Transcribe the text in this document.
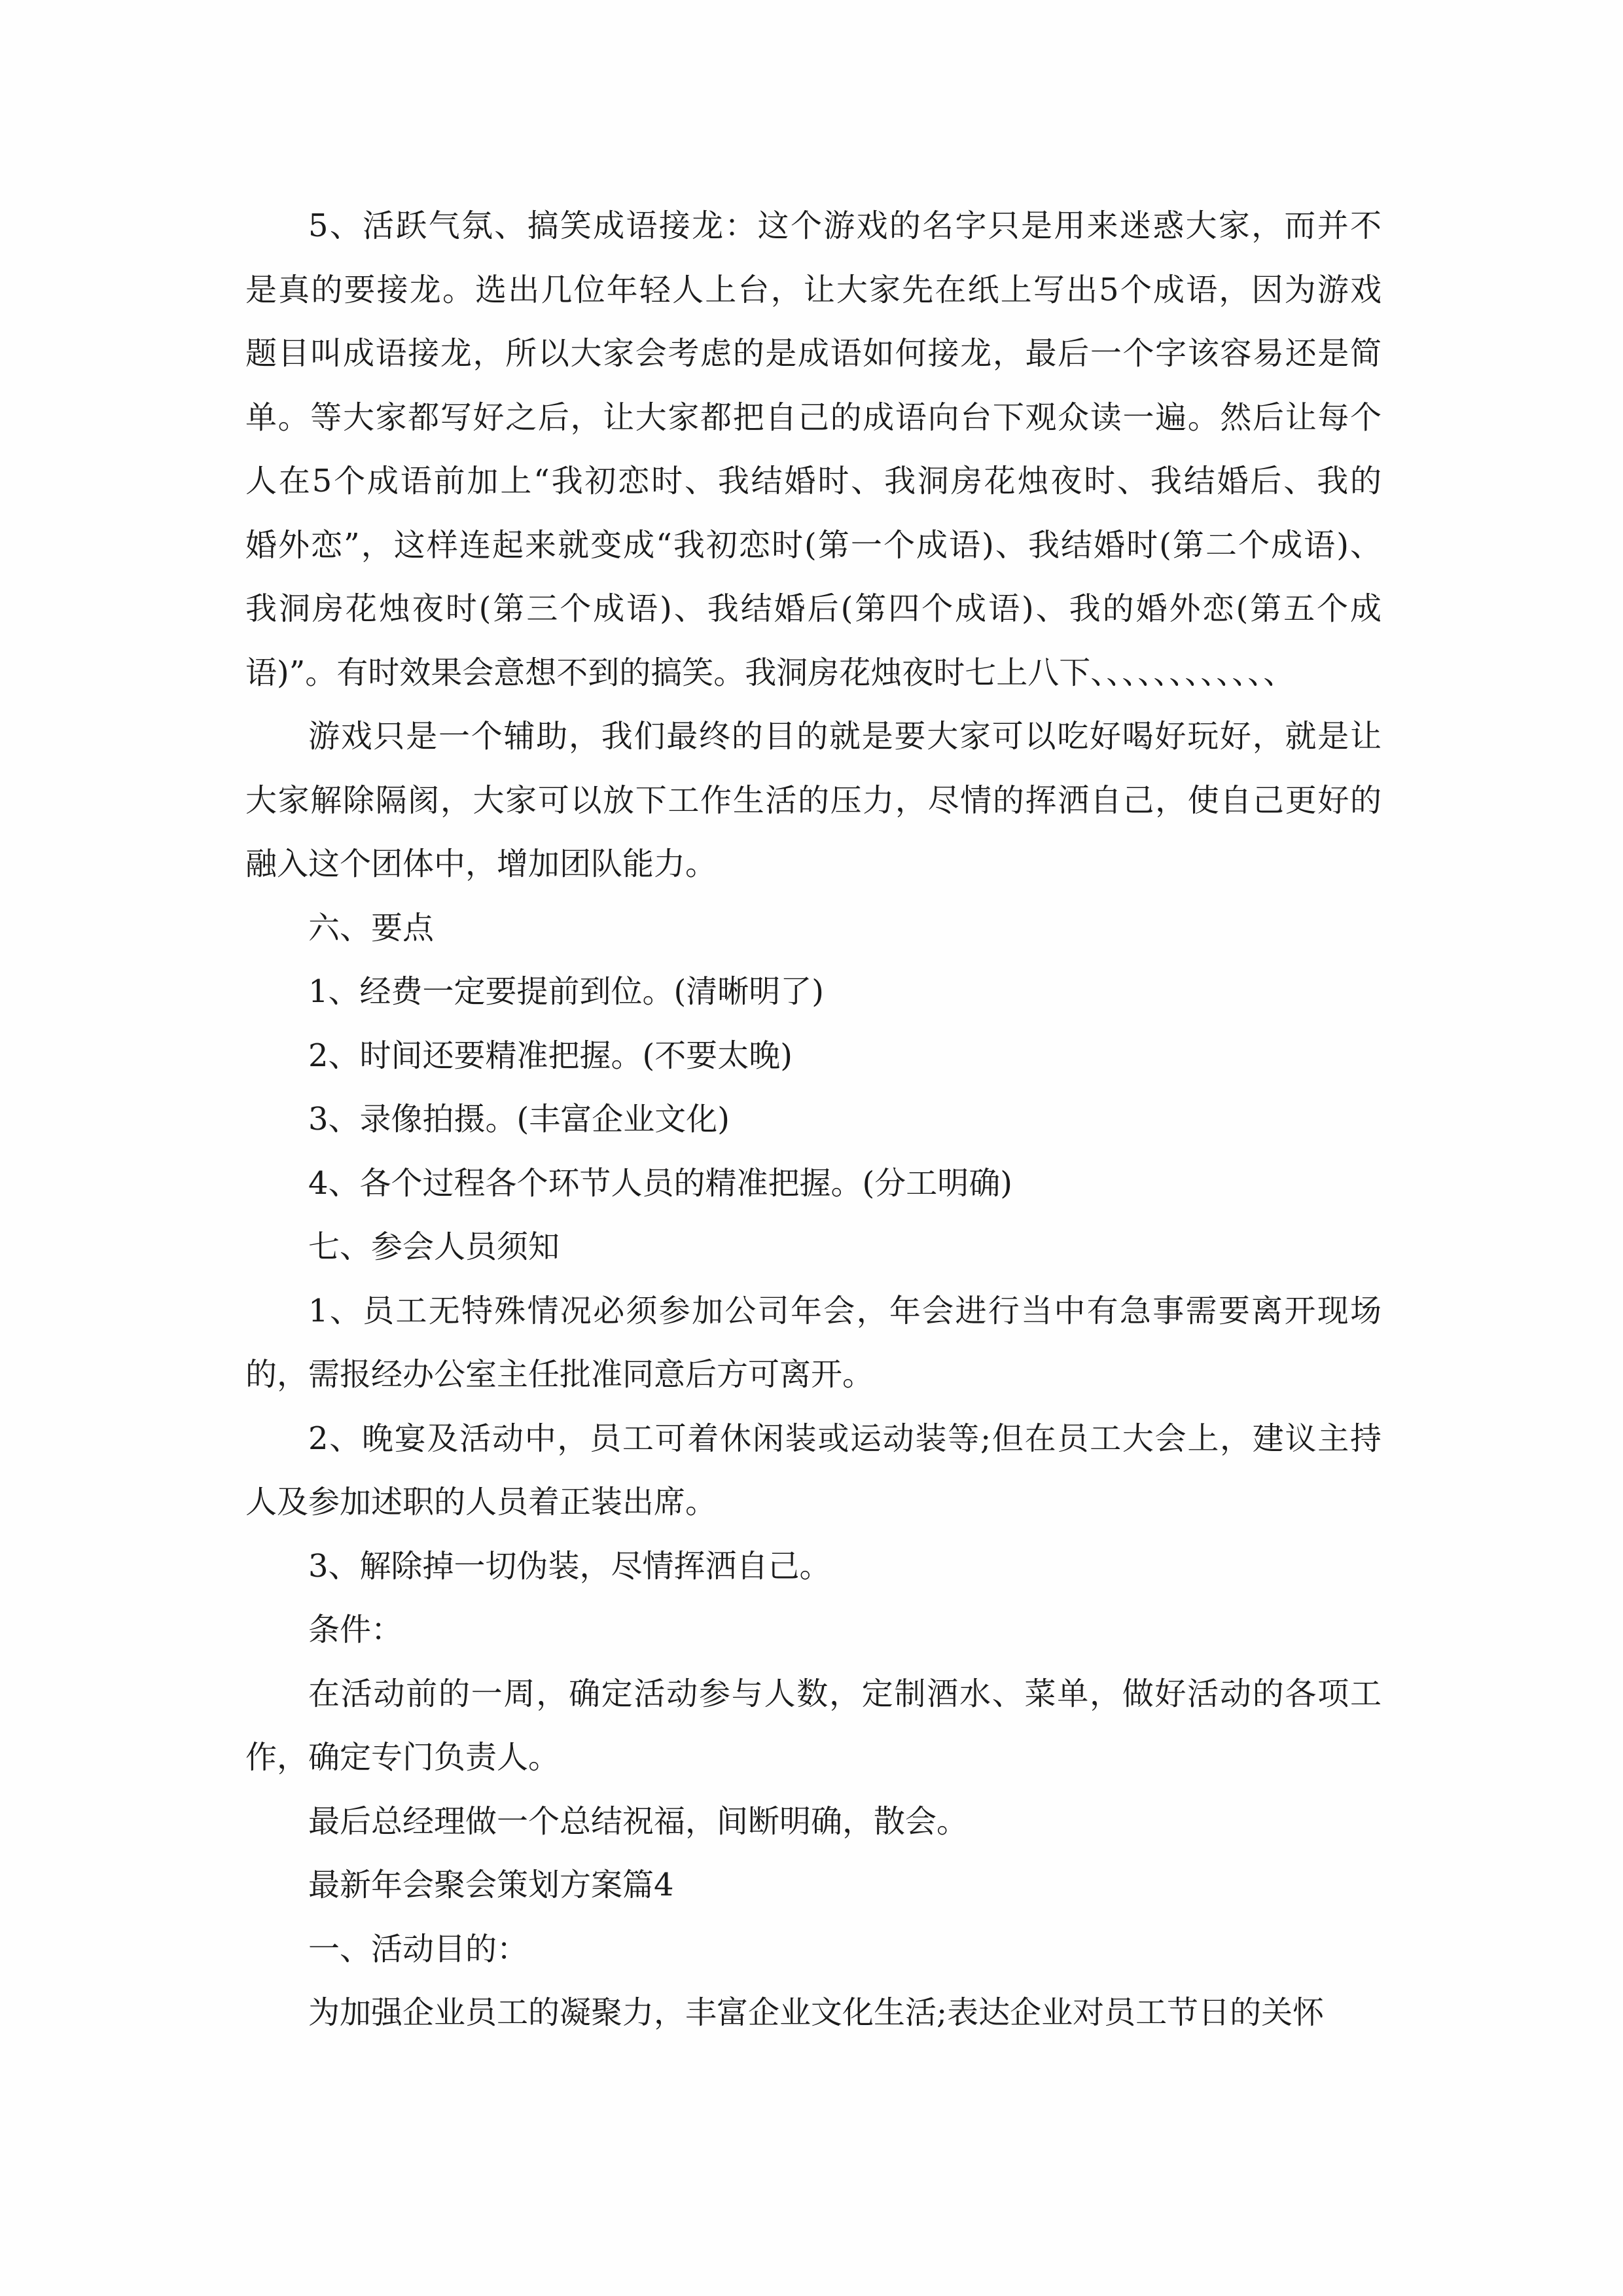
5、活跃气氛、搞笑成语接龙：这个游戏的名字只是用来迷惑大家，而并不
是真的要接龙。选出几位年轻人上台，让大家先在纸上写出5个成语，因为游戏
题目叫成语接龙，所以大家会考虑的是成语如何接龙，最后一个字该容易还是简
单。等大家都写好之后，让大家都把自己的成语向台下观众读一遍。然后让每个
人在5个成语前加上“我初恋时、我结婚时、我洞房花烛夜时、我结婚后、我的
婚外恋”，这样连起来就变成“我初恋时(第一个成语)、我结婚时(第二个成语)、
我洞房花烛夜时(第三个成语)、我结婚后(第四个成语)、我的婚外恋(第五个成
语)”。有时效果会意想不到的搞笑。我洞房花烛夜时七上八下、、、、、、、、、、、、
游戏只是一个辅助，我们最终的目的就是要大家可以吃好喝好玩好，就是让
大家解除隔阂，大家可以放下工作生活的压力，尽情的挥洒自己，使自己更好的
融入这个团体中，增加团队能力。
六、要点
1、经费一定要提前到位。(清晰明了)
2、时间还要精准把握。(不要太晚)
3、录像拍摄。(丰富企业文化)
4、各个过程各个环节人员的精准把握。(分工明确)
七、参会人员须知
1、员工无特殊情况必须参加公司年会，年会进行当中有急事需要离开现场
的，需报经办公室主任批准同意后方可离开。
2、晚宴及活动中，员工可着休闲装或运动装等;但在员工大会上，建议主持
人及参加述职的人员着正装出席。
3、解除掉一切伪装，尽情挥洒自己。
条件：
在活动前的一周，确定活动参与人数，定制酒水、菜单，做好活动的各项工
作，确定专门负责人。
最后总经理做一个总结祝福，间断明确，散会。
最新年会聚会策划方案篇4
一、活动目的：
为加强企业员工的凝聚力，丰富企业文化生活;表达企业对员工节日的关怀
